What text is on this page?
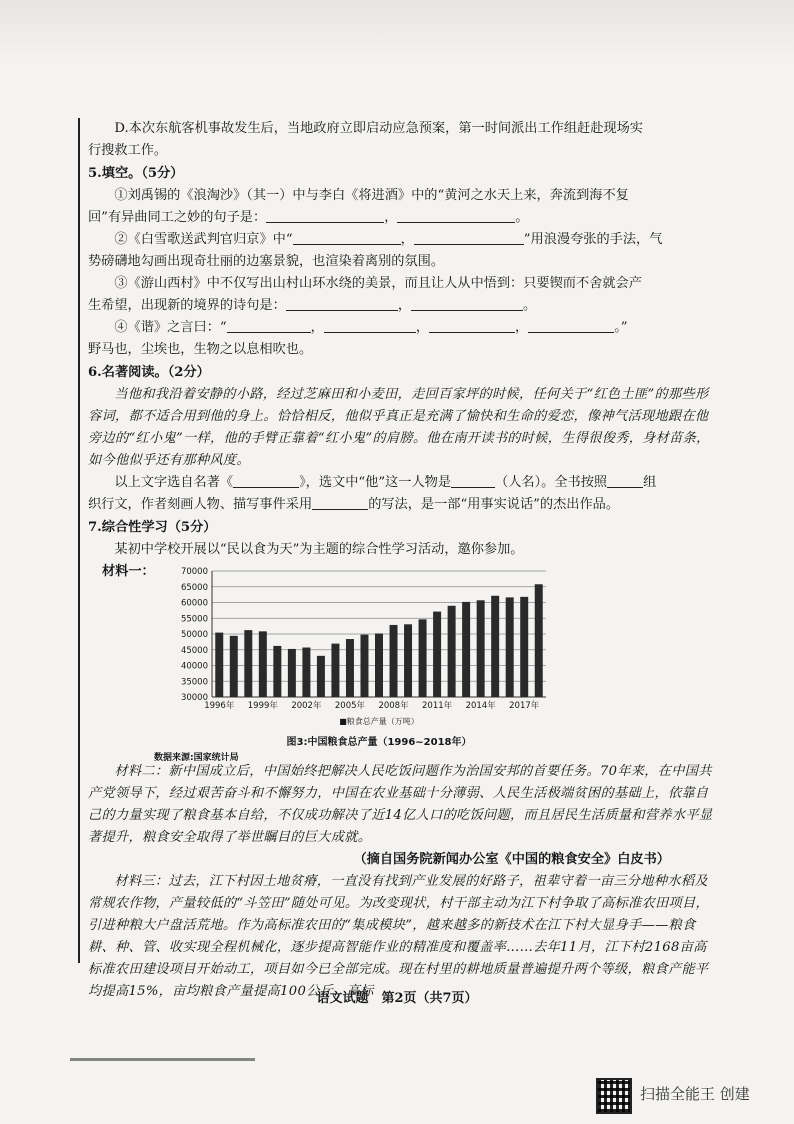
D.本次东航客机事故发生后，当地政府立即启动应急预案，第一时间派出工作组赶赴现场实

行搜救工作。

5.填空。（5分）

①刘禹锡的《浪淘沙》（其一）中与李白《将进酒》中的“黄河之水天上来，奔流到海不复

回”有异曲同工之妙的句子是：	，	。

②《白雪歌送武判官归京》中“	，	”用浪漫夸张的手法，气

势磅礴地勾画出现奇壮丽的边塞景貌，也渲染着离别的氛围。

③《游山西村》中不仅写出山村山环水绕的美景，而且让人从中悟到：只要锲而不舍就会产

生希望，出现新的境界的诗句是：	，	。

④《谐》之言曰：“	，	，	，	。”

野马也，尘埃也，生物之以息相吹也。

6.名著阅读。（2分）

当他和我沿着安静的小路，经过芝麻田和小麦田，走回百家坪的时候，任何关于“红色土匪”的那些形容词，都不适合用到他的身上。恰恰相反，他似乎真正是充满了愉快和生命的爱恋，像神气活现地跟在他旁边的“红小鬼”一样，他的手臂正靠着“红小鬼”的肩膀。他在南开读书的时候，生得很俊秀，身材苗条，如今他似乎还有那种风度。

以上文字选自名著《	》，选文中“他”这一人物是	（人名）。全书按照	组

织行文，作者刻画人物、描写事件采用	的写法，是一部“用事实说话”的杰出作品。

7.综合性学习（5分）

某初中学校开展以“民以食为天”为主题的综合性学习活动，邀你参加。

材料一：
30000
35000
40000
45000
50000
55000
60000
65000
70000
1996年 1999年 2002年 2005年 2008年 2011年 2014年 2017年
■粮食总产量（万吨）
图3:中国粮食总产量（1996~2018年）
数据来源:国家统计局

材料二：新中国成立后，中国始终把解决人民吃饭问题作为治国安邦的首要任务。70年来，在中国共产党领导下，经过艰苦奋斗和不懈努力，中国在农业基础十分薄弱、人民生活极端贫困的基础上，依靠自己的力量实现了粮食基本自给，不仅成功解决了近14亿人口的吃饭问题，而且居民生活质量和营养水平显著提升，粮食安全取得了举世瞩目的巨大成就。

（摘自国务院新闻办公室《中国的粮食安全》白皮书）

材料三：过去，江下村因土地贫瘠，一直没有找到产业发展的好路子，祖辈守着一亩三分地种水稻及常规农作物，产量较低的“斗笠田”随处可见。为改变现状，村干部主动为江下村争取了高标准农田项目，引进种粮大户盘活荒地。作为高标准农田的“集成模块”，越来越多的新技术在江下村大显身手——粮食耕、种、管、收实现全程机械化，逐步提高智能作业的精准度和覆盖率……去年11月，江下村2168亩高标准农田建设项目开始动工，项目如今已全部完成。现在村里的耕地质量普遍提升两个等级，粮食产能平均提高15%，亩均粮食产量提高100公斤，高标

语文试题　第2页（共7页）
扫描全能王 创建
